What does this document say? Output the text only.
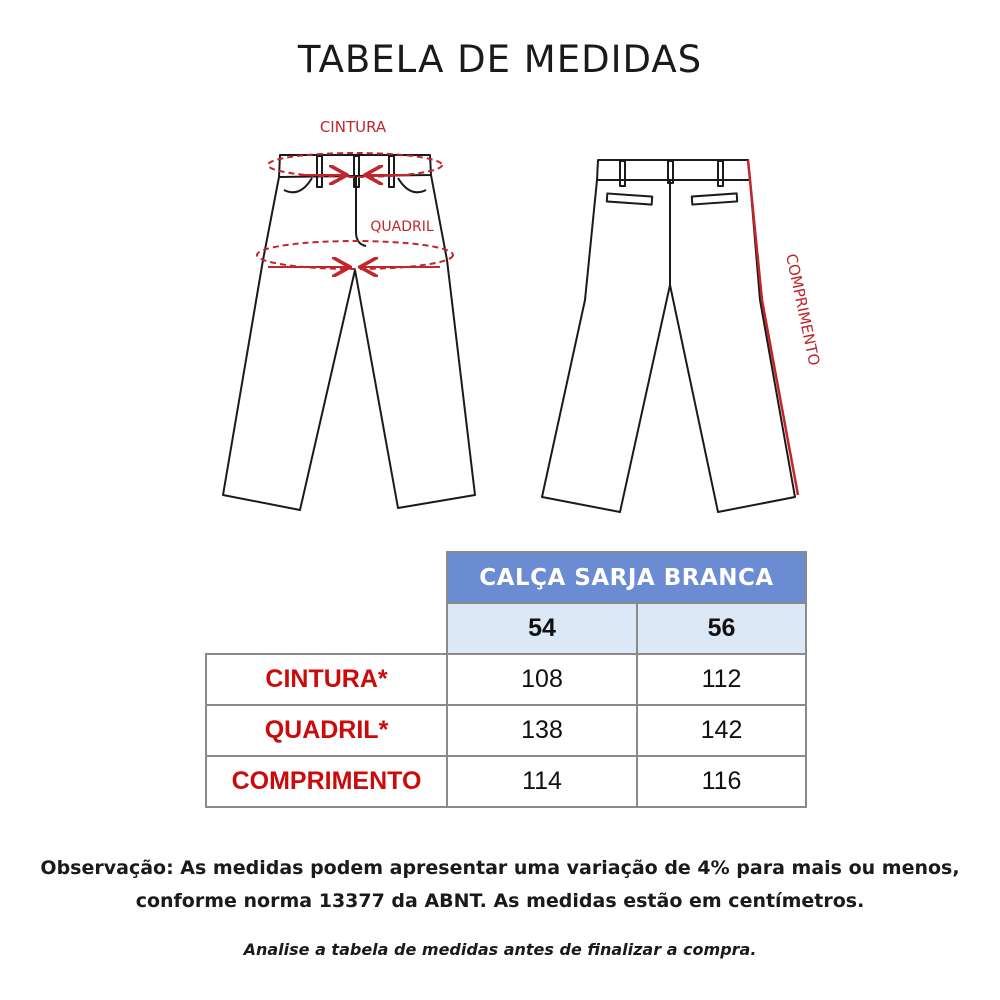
TABELA DE MEDIDAS
CINTURA
QUADRIL
COMPRIMENTO
	CALÇA SARJA BRANCA	
	54	56
CINTURA*	108	112
QUADRIL*	138	142
COMPRIMENTO	114	116
Observação: As medidas podem apresentar uma variação de 4% para mais ou menos,
conforme norma 13377 da ABNT. As medidas estão em centímetros.
Analise a tabela de medidas antes de finalizar a compra.
